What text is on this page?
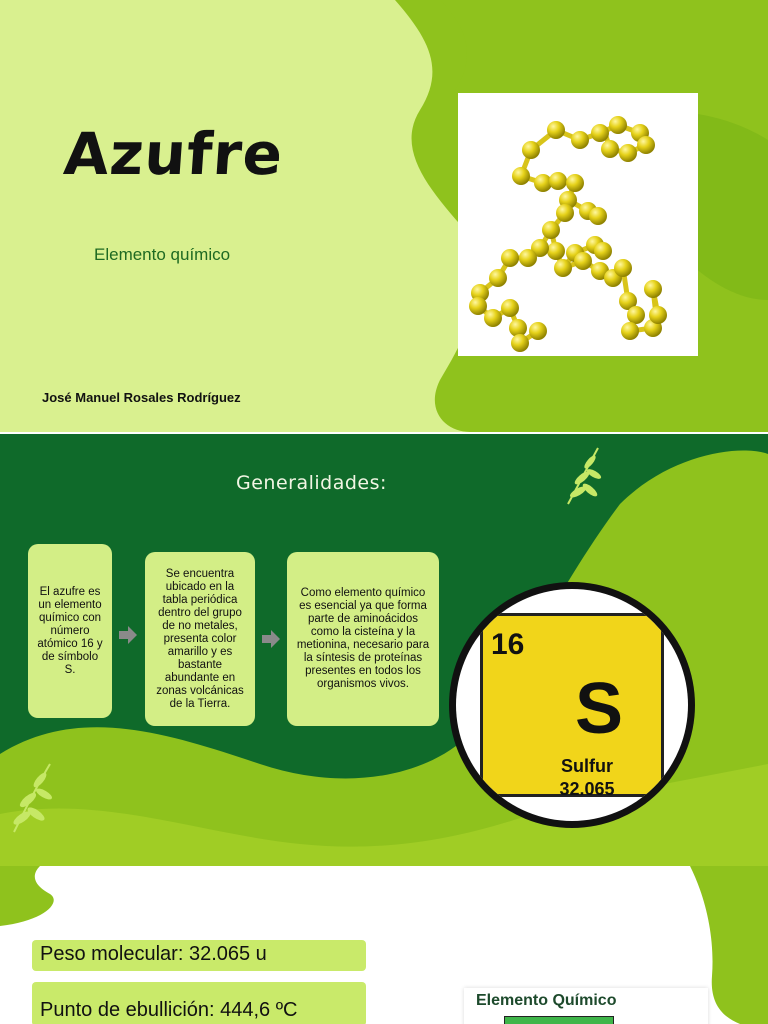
Azufre
Elemento químico
José Manuel Rosales Rodríguez
Generalidades:
El azufre es un elemento químico con número atómico 16 y de símbolo S.
Se encuentra ubicado en la tabla periódica dentro del grupo de no metales, presenta color amarillo y es bastante abundante en zonas volcánicas de la Tierra.
Como elemento químico es esencial ya que forma parte de aminoácidos como la cisteína y la metionina, necesario para la síntesis de proteínas presentes en todos los organismos vivos.
16
S
Sulfur
32.065
Peso molecular: 32.065 u
Punto de ebullición: 444,6 ºC	Elemento Químico
